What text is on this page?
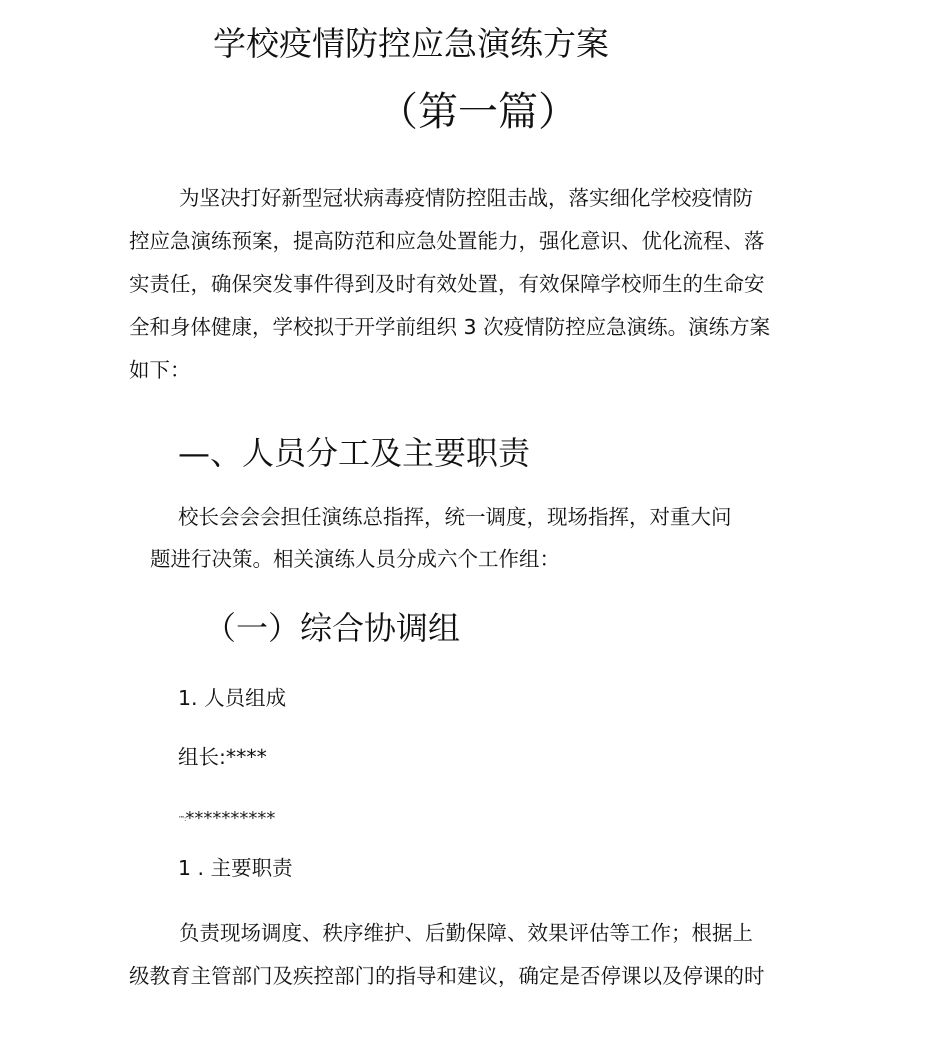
学校疫情防控应急演练方案
（第一篇）
为坚决打好新型冠状病毒疫情防控阻击战，落实细化学校疫情防
控应急演练预案，提高防范和应急处置能力，强化意识、优化流程、落
实责任，确保突发事件得到及时有效处置，有效保障学校师生的生命安
全和身体健康，学校拟于开学前组织 3 次疫情防控应急演练。演练方案
如下：
—、人员分工及主要职责
校长会会会担任演练总指挥，统一调度，现场指挥，对重大问
题进行决策。相关演练人员分成六个工作组：
（一）综合协调组
1. 人员组成
组长:****
™:**********
1 . 主要职责
负责现场调度、秩序维护、后勤保障、效果评估等工作；根据上
级教育主管部门及疾控部门的指导和建议，确定是否停课以及停课的时
